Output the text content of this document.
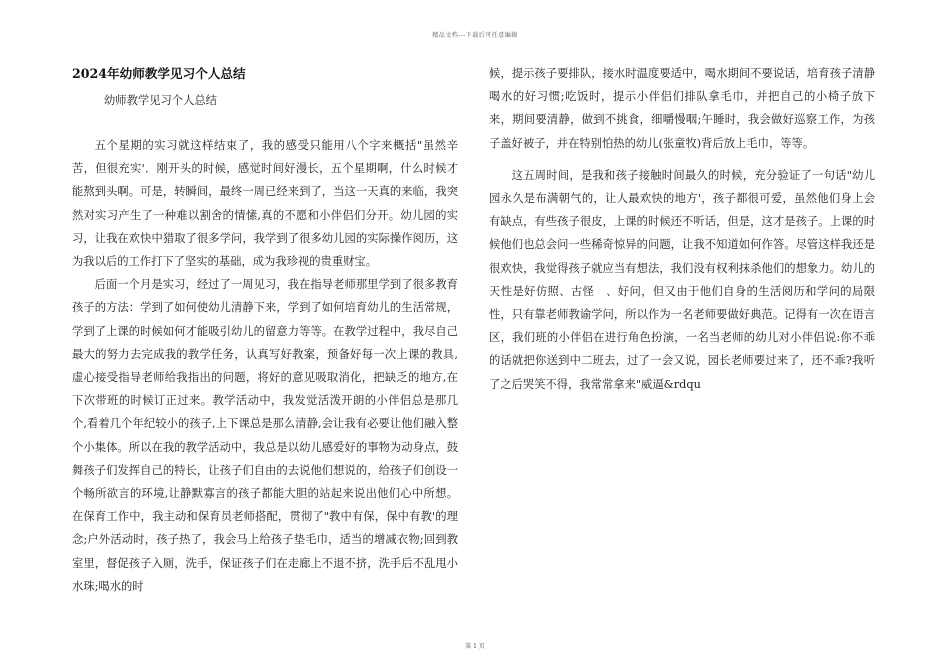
精品文档---下载后可任意编辑

2024年幼师教学见习个人总结

幼师教学见习个人总结

五个星期的实习就这样结束了，我的感受只能用八个字来概括"虽然辛苦，但很充实'．刚开头的时候，感觉时间好漫长，五个星期啊，什么时候才能熬到头啊。可是，转瞬间，最终一周已经来到了，当这一天真的来临，我突然对实习产生了一种难以割舍的情愫,真的不愿和小伴侣们分开。幼儿园的实习，让我在欢快中猎取了很多学问，我学到了很多幼儿园的实际操作阅历，这为我以后的工作打下了坚实的基础，成为我珍视的贵重财宝。

后面一个月是实习，经过了一周见习，我在指导老师那里学到了很多教育孩子的方法：学到了如何使幼儿清静下来，学到了如何培育幼儿的生活常规，学到了上课的时候如何才能吸引幼儿的留意力等等。在教学过程中，我尽自己最大的努力去完成我的教学任务，认真写好教案，预备好每一次上课的教具,虚心接受指导老师给我指出的问题，将好的意见吸取消化，把缺乏的地方,在下次带班的时候订正过来。教学活动中，我发觉活泼开朗的小伴侣总是那几个,看着几个年纪较小的孩子,上下课总是那么清静,会让我有必要让他们融入整个小集体。所以在我的教学活动中，我总是以幼儿感爱好的事物为动身点，鼓舞孩子们发挥自己的特长，让孩子们自由的去说他们想说的，给孩子们创设一个畅所欲言的环境,让静默寡言的孩子都能大胆的站起来说出他们心中所想。在保育工作中，我主动和保育员老师搭配，贯彻了"教中有保，保中有教'的理念;户外活动时，孩子热了，我会马上给孩子垫毛巾，适当的增减衣物;回到教室里，督促孩子入厕，洗手，保证孩子们在走廊上不退不挤，洗手后不乱甩小水珠;喝水的时

候，提示孩子要排队，接水时温度要适中，喝水期间不要说话，培育孩子清静喝水的好习惯;吃饭时，提示小伴侣们排队拿毛巾，并把自己的小椅子放下来，期间要清静，做到不挑食，细嚼慢咽;午睡时，我会做好巡察工作，为孩子盖好被子，并在特别怕热的幼儿(张童牧)背后放上毛巾，等等。

这五周时间，是我和孩子接触时间最久的时候，充分验证了一句话"幼儿园永久是布满朝气的，让人最欢快的地方'，孩子都很可爱，虽然他们身上会有缺点，有些孩子很皮，上课的时候还不听话，但是，这才是孩子。上课的时候他们也总会问一些稀奇惊异的问题，让我不知道如何作答。尽管这样我还是很欢快，我觉得孩子就应当有想法，我们没有权利抹杀他们的想象力。幼儿的天性是好仿照、古怪　、好问，但又由于他们自身的生活阅历和学问的局限性，只有靠老师教谕学问，所以作为一名老师要做好典范。记得有一次在语言区，我们班的小伴侣在进行角色扮演，一名当老师的幼儿对小伴侣说:你不乖的话就把你送到中二班去，过了一会又说，园长老师要过来了，还不乖?我听了之后哭笑不得，我常常拿来"威逼&rdqu

第 1 页
